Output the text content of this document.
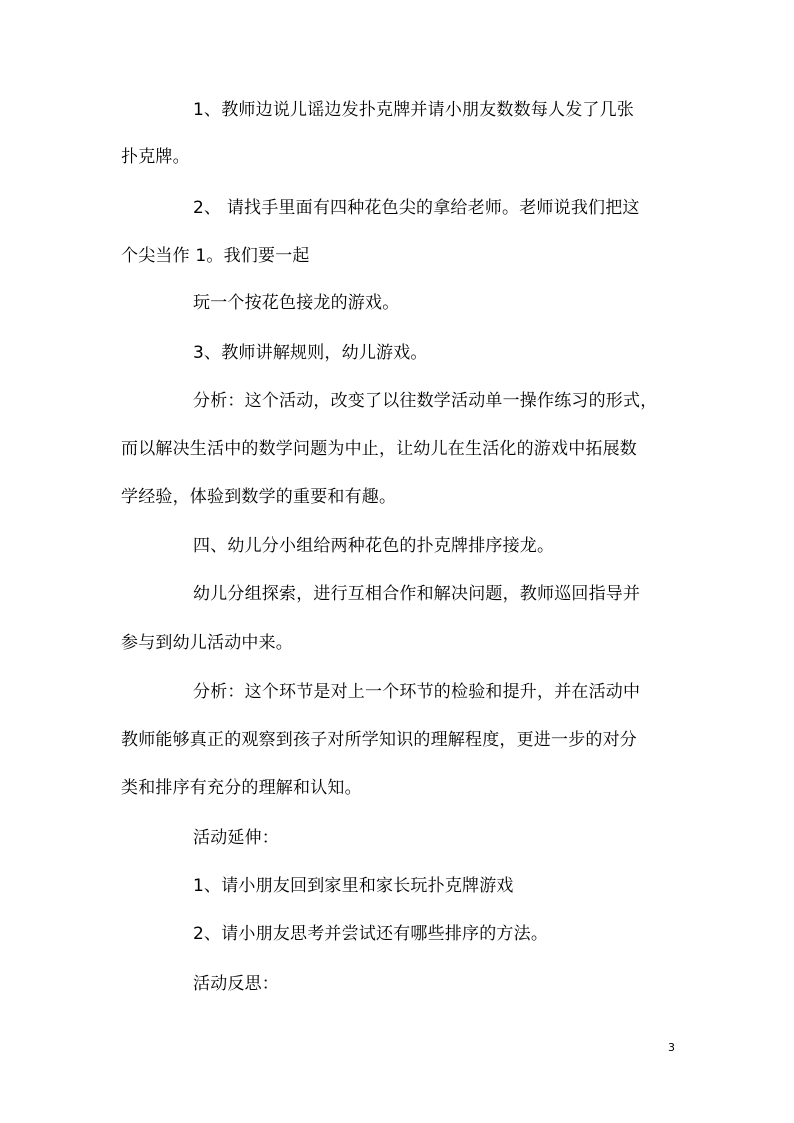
1、教师边说儿谣边发扑克牌并请小朋友数数每人发了几张
扑克牌。
2、 请找手里面有四种花色尖的拿给老师。老师说我们把这
个尖当作 1。我们要一起
玩一个按花色接龙的游戏。
3、教师讲解规则，幼儿游戏。
分析：这个活动，改变了以往数学活动单一操作练习的形式，
而以解决生活中的数学问题为中止，让幼儿在生活化的游戏中拓展数
学经验，体验到数学的重要和有趣。
四、幼儿分小组给两种花色的扑克牌排序接龙。
幼儿分组探索，进行互相合作和解决问题，教师巡回指导并
参与到幼儿活动中来。
分析：这个环节是对上一个环节的检验和提升，并在活动中
教师能够真正的观察到孩子对所学知识的理解程度，更进一步的对分
类和排序有充分的理解和认知。
活动延伸：
1、请小朋友回到家里和家长玩扑克牌游戏
2、请小朋友思考并尝试还有哪些排序的方法。
活动反思：
3
